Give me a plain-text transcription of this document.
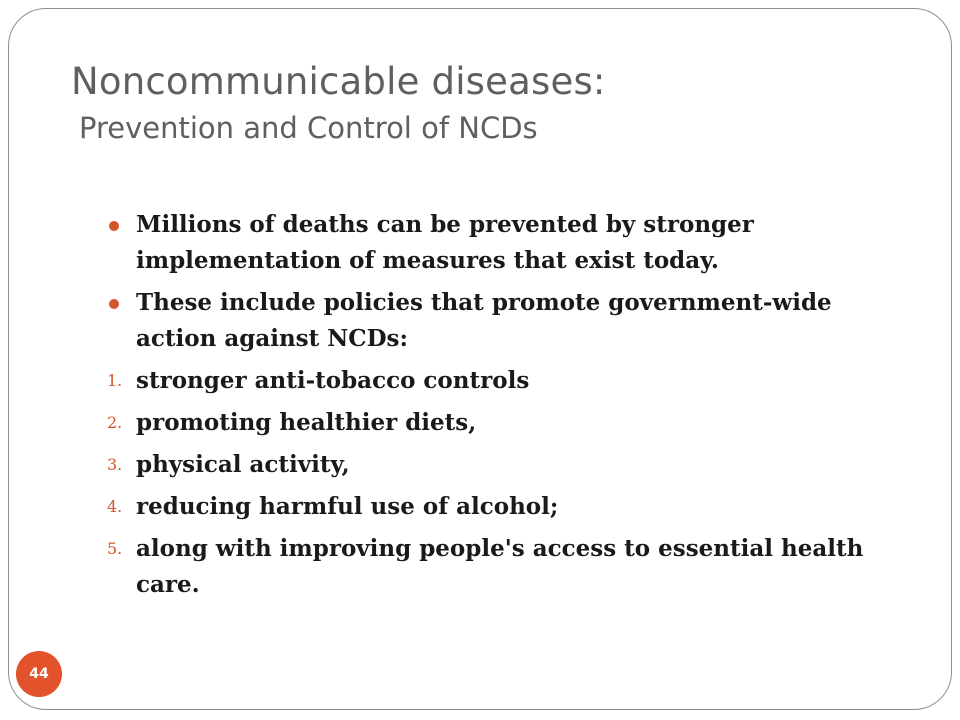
Noncommunicable diseases:
Prevention and Control of NCDs
Millions of deaths can be prevented by stronger implementation of measures that exist today.
These include policies that promote government-wide action against NCDs:
1. stronger anti-tobacco controls
2. promoting healthier diets,
3. physical activity,
4. reducing harmful use of alcohol;
5. along with improving people's access to essential health care.
44
